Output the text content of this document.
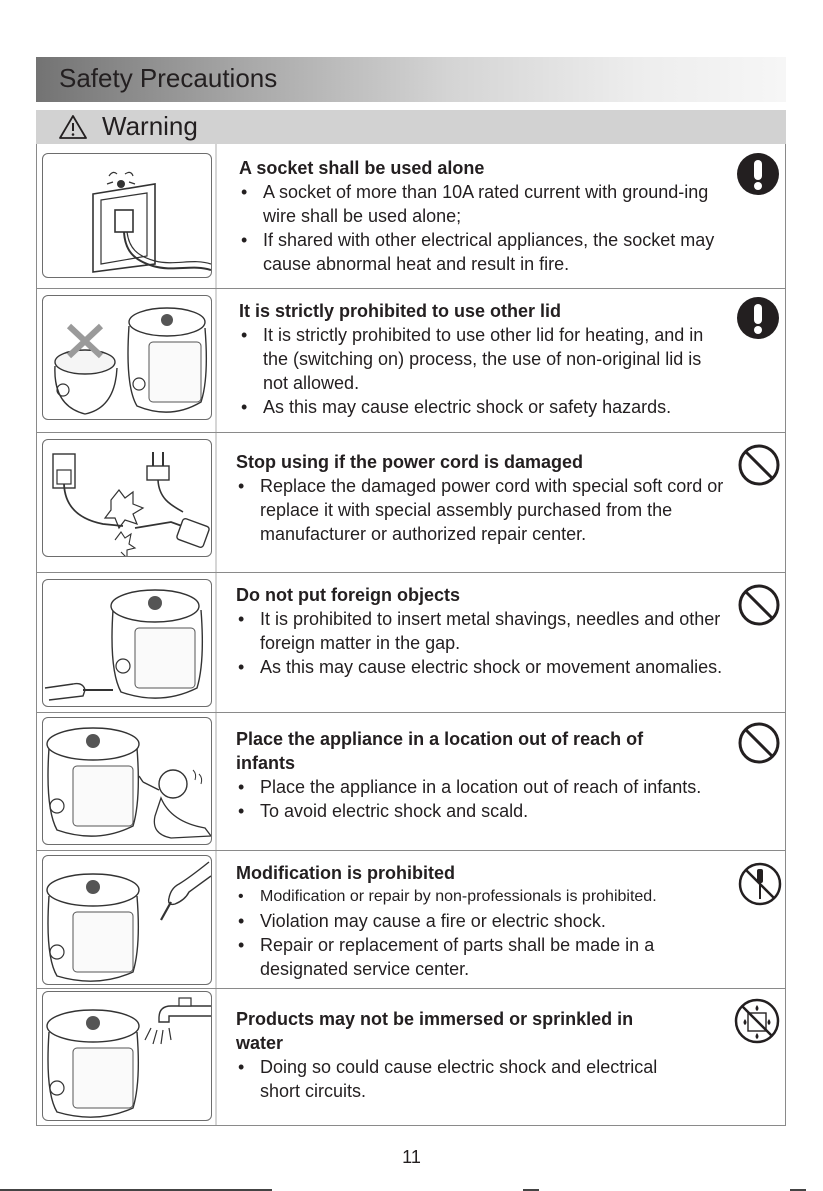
Safety Precautions
Warning
A socket shall be used alone
• A socket of more than 10A rated current with ground-ing wire shall be used alone;
• If shared with other electrical appliances, the socket may cause abnormal heat and result in fire.
It is strictly prohibited to use other lid
• It is strictly prohibited to use other lid for heating, and in the (switching on) process, the use of non-original lid is not allowed.
• As this may cause electric shock or safety hazards.
Stop using if the power cord is damaged
• Replace the damaged power cord with special soft cord or replace it with special assembly purchased from the manufacturer or authorized repair center.
Do not put foreign objects
• It is prohibited to insert metal shavings, needles and other foreign matter in the gap.
• As this may cause electric shock or movement anomalies.
Place the appliance in a location out of reach of infants
• Place the appliance in a location out of reach of infants.
• To avoid electric shock and scald.
Modification is prohibited
• Modification or repair by non-professionals is prohibited.
• Violation may cause a fire or electric shock.
• Repair or replacement of parts shall be made in a designated service center.
Products may not be immersed or sprinkled in water
• Doing so could cause electric shock and electrical short circuits.
11
